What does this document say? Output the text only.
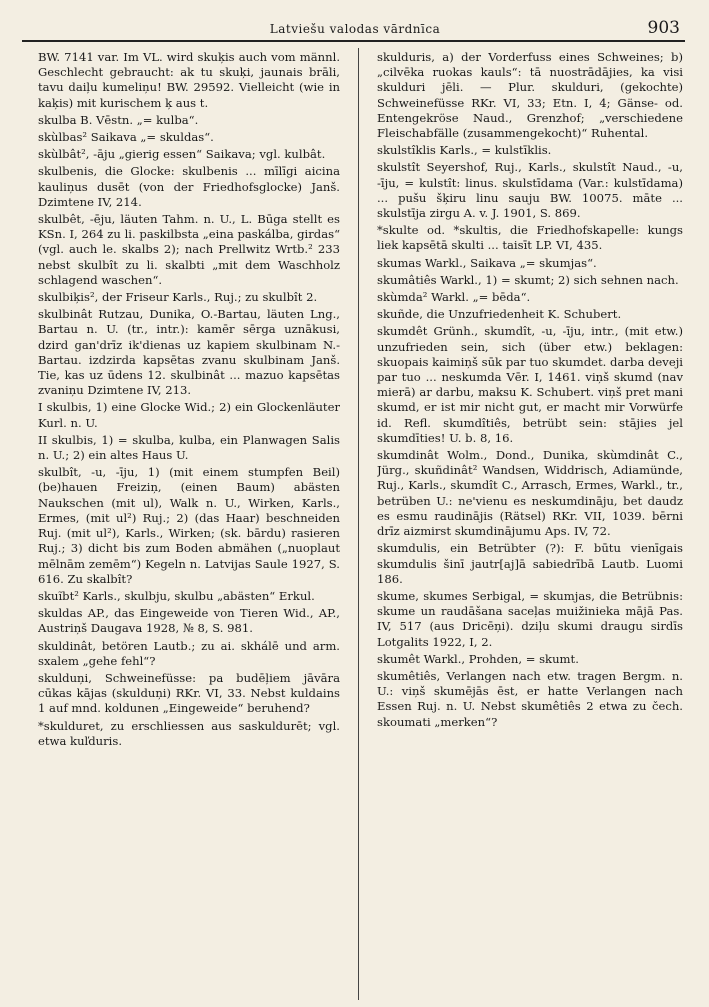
Latviešu valodas vārdnīca	903

BW. 7141 var. Im VL. wird skuķis auch vom männl. Geschlecht gebraucht: ak tu skuķi, jaunais brāli, tavu daiļu kumeliņu! BW. 29592. Vielleicht (wie in kaķis) mit kurischem ķ aus t.

skulba B. Vēstn. „= kulba“.

skùlbas² Saikava „= skuldas“.

skùlbât², -āju „gierig essen“ Saikava; vgl. kulbât.

skulbenis, die Glocke: skulbenis ... mīlīgi aicina kauliņus dusēt (von der Friedhofsglocke) Janš. Dzimtene IV, 214.

skulbêt, -ēju, läuten Tahm. n. U., L. Būga stellt es KSn. I, 264 zu li. paskilbsta „eina paskálba, girdas“ (vgl. auch le. skalbs 2); nach Prellwitz Wrtb.² 233 nebst skulbît zu li. skalbti „mit dem Waschholz schlagend waschen“.

skulbiķis², der Friseur Karls., Ruj.; zu skulbît 2.

skulbinât Rutzau, Dunika, O.-Bartau, läuten Lng., Bartau n. U. (tr., intr.): kamēr sērga uznākusi, dzird gan'drīz ik'dienas uz kapiem skulbinam N.-Bartau. izdzirda kapsētas zvanu skulbinam Janš. Tie, kas uz ūdens 12. skulbinât ... mazuo kapsētas zvaniņu Dzimtene IV, 213.

I skulbis, 1) eine Glocke Wid.; 2) ein Glockenläuter Kurl. n. U.

II skulbis, 1) = skulba, kulba, ein Planwagen Salis n. U.; 2) ein altes Haus U.

skulbît, -u, -īju, 1) (mit einem stumpfen Beil) (be)hauen Freiziņ, (einen Baum) abästen Naukschen (mit ul), Walk n. U., Wirken, Karls., Ermes, (mit ul²) Ruj.; 2) (das Haar) beschneiden Ruj. (mit ul²), Karls., Wirken; (sk. bārdu) rasieren Ruj.; 3) dicht bis zum Boden abmähen („nuoplaut mēlnām zemēm“) Kegeln n. Latvijas Saule 1927, S. 616. Zu skalbît?

skuĩbt² Karls., skulbju, skulbu „abästen“ Erkul.

skuldas AP., das Eingeweide von Tieren Wid., AP., Austriņš Daugava 1928, № 8, S. 981.

skuldinât, betören Lautb.; zu ai. skhálē und arm. sxalem „gehe fehl“?

skulduņi, Schweinefüsse: pa budēļiem jāvāra cūkas kājas (skulduņi) RKr. VI, 33. Nebst kuldains 1 auf mnd. koldunen „Eingeweide“ beruhend?

*skulduret, zu erschliessen aus saskuldurēt; vgl. etwa kuľduris.

skulduris, a) der Vorderfuss eines Schweines; b) „cilvēka ruokas kauls“: tā nuostrādājies, ka visi skulduri jēli. — Plur. skulduri, (gekochte) Schweinefüsse RKr. VI, 33; Etn. I, 4; Gänse- od. Entengekröse Naud., Grenzhof; „verschiedene Fleischabfälle (zusammengekocht)“ Ruhental.

skulstîklis Karls., = kulstīklis.

skulstît Seyershof, Ruj., Karls., skulstît Naud., -u, -īju, = kulstît: linus. skulstīdama (Var.: kulstīdama) ... pušu šķiru linu sauju BW. 10075. māte ... skulstīja zirgu A. v. J. 1901, S. 869.

*skulte od. *skultis, die Friedhofskapelle: kungs liek kapsētā skulti ... taisīt LP. VI, 435.

skumas Warkl., Saikava „= skumjas“.

skumâtiês Warkl., 1) = skumt; 2) sich sehnen nach.

skùmda² Warkl. „= bēda“.

skuñde, die Unzufriedenheit K. Schubert.

skumdêt Grünh., skumdît, -u, -īju, intr., (mit etw.) unzufrieden sein, sich (über etw.) beklagen: skuopais kaimiņš sūk par tuo skumdet. darba deveji par tuo ... neskumda Vēr. I, 1461. viņš skumd (nav mierā) ar darbu, maksu K. Schubert. viņš pret mani skumd, er ist mir nicht gut, er macht mir Vorwürfe id. Refl. skumdîtiês, betrübt sein: stājies jel skumdīties! U. b. 8, 16.

skumdinât Wolm., Dond., Dunika, skùmdinât C., Jürg., skuñdinât² Wandsen, Widdrisch, Adiamünde, Ruj., Karls., skumdît C., Arrasch, Ermes, Warkl., tr., betrüben U.: ne'vienu es neskumdināju, bet daudz es esmu raudinājis (Rätsel) RKr. VII, 1039. bērni drīz aizmirst skumdinājumu Aps. IV, 72.

skumdulis, ein Betrübter (?): F. būtu vienīgais skumdulis šinī jautr[aj]ā sabiedrībā Lautb. Luomi 186.

skume, skumes Serbigal, = skumjas, die Betrübnis: skume un raudāšana saceļas muižiniekа mājā Pas. IV, 517 (aus Dricēņi). dziļu skumi draugu sirdīs Lotgalits 1922, I, 2.

skumêt Warkl., Prohden, = skumt.

skumêtiês, Verlangen nach etw. tragen Bergm. n. U.: viņš skumējās ēst, er hatte Verlangen nach Essen Ruj. n. U. Nebst skumêtiês 2 etwa zu čech. skoumati „merken“?
